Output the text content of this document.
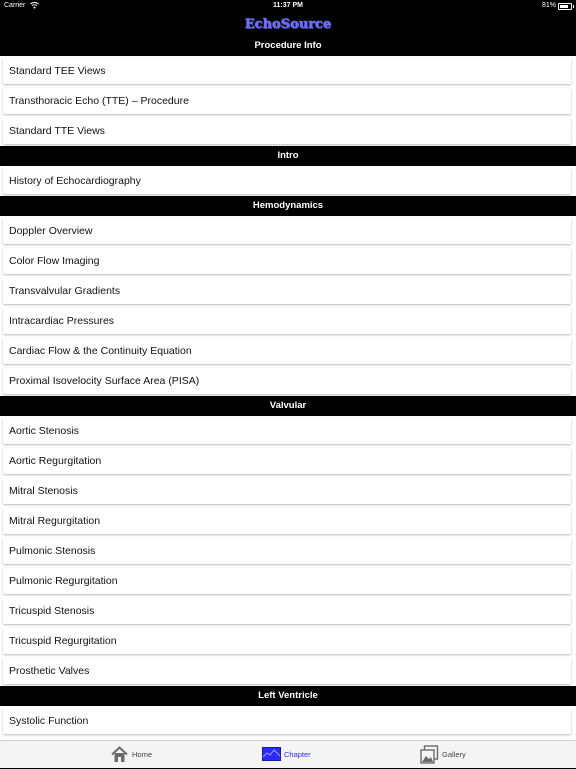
Carrier	11:37 PM	81%
EchoSource
Standard TEE Views
Transthoracic Echo (TTE) – Procedure
Standard TTE Views
Intro
History of Echocardiography
Hemodynamics
Doppler Overview
Color Flow Imaging
Transvalvular Gradients
Intracardiac Pressures
Cardiac Flow & the Continuity Equation
Proximal Isovelocity Surface Area (PISA)
Valvular
Aortic Stenosis
Aortic Regurgitation
Mitral Stenosis
Mitral Regurgitation
Pulmonic Stenosis
Pulmonic Regurgitation
Tricuspid Stenosis
Tricuspid Regurgitation
Prosthetic Valves
Left Ventricle
Systolic Function
Procedure Info
Home	Chapter	Gallery
